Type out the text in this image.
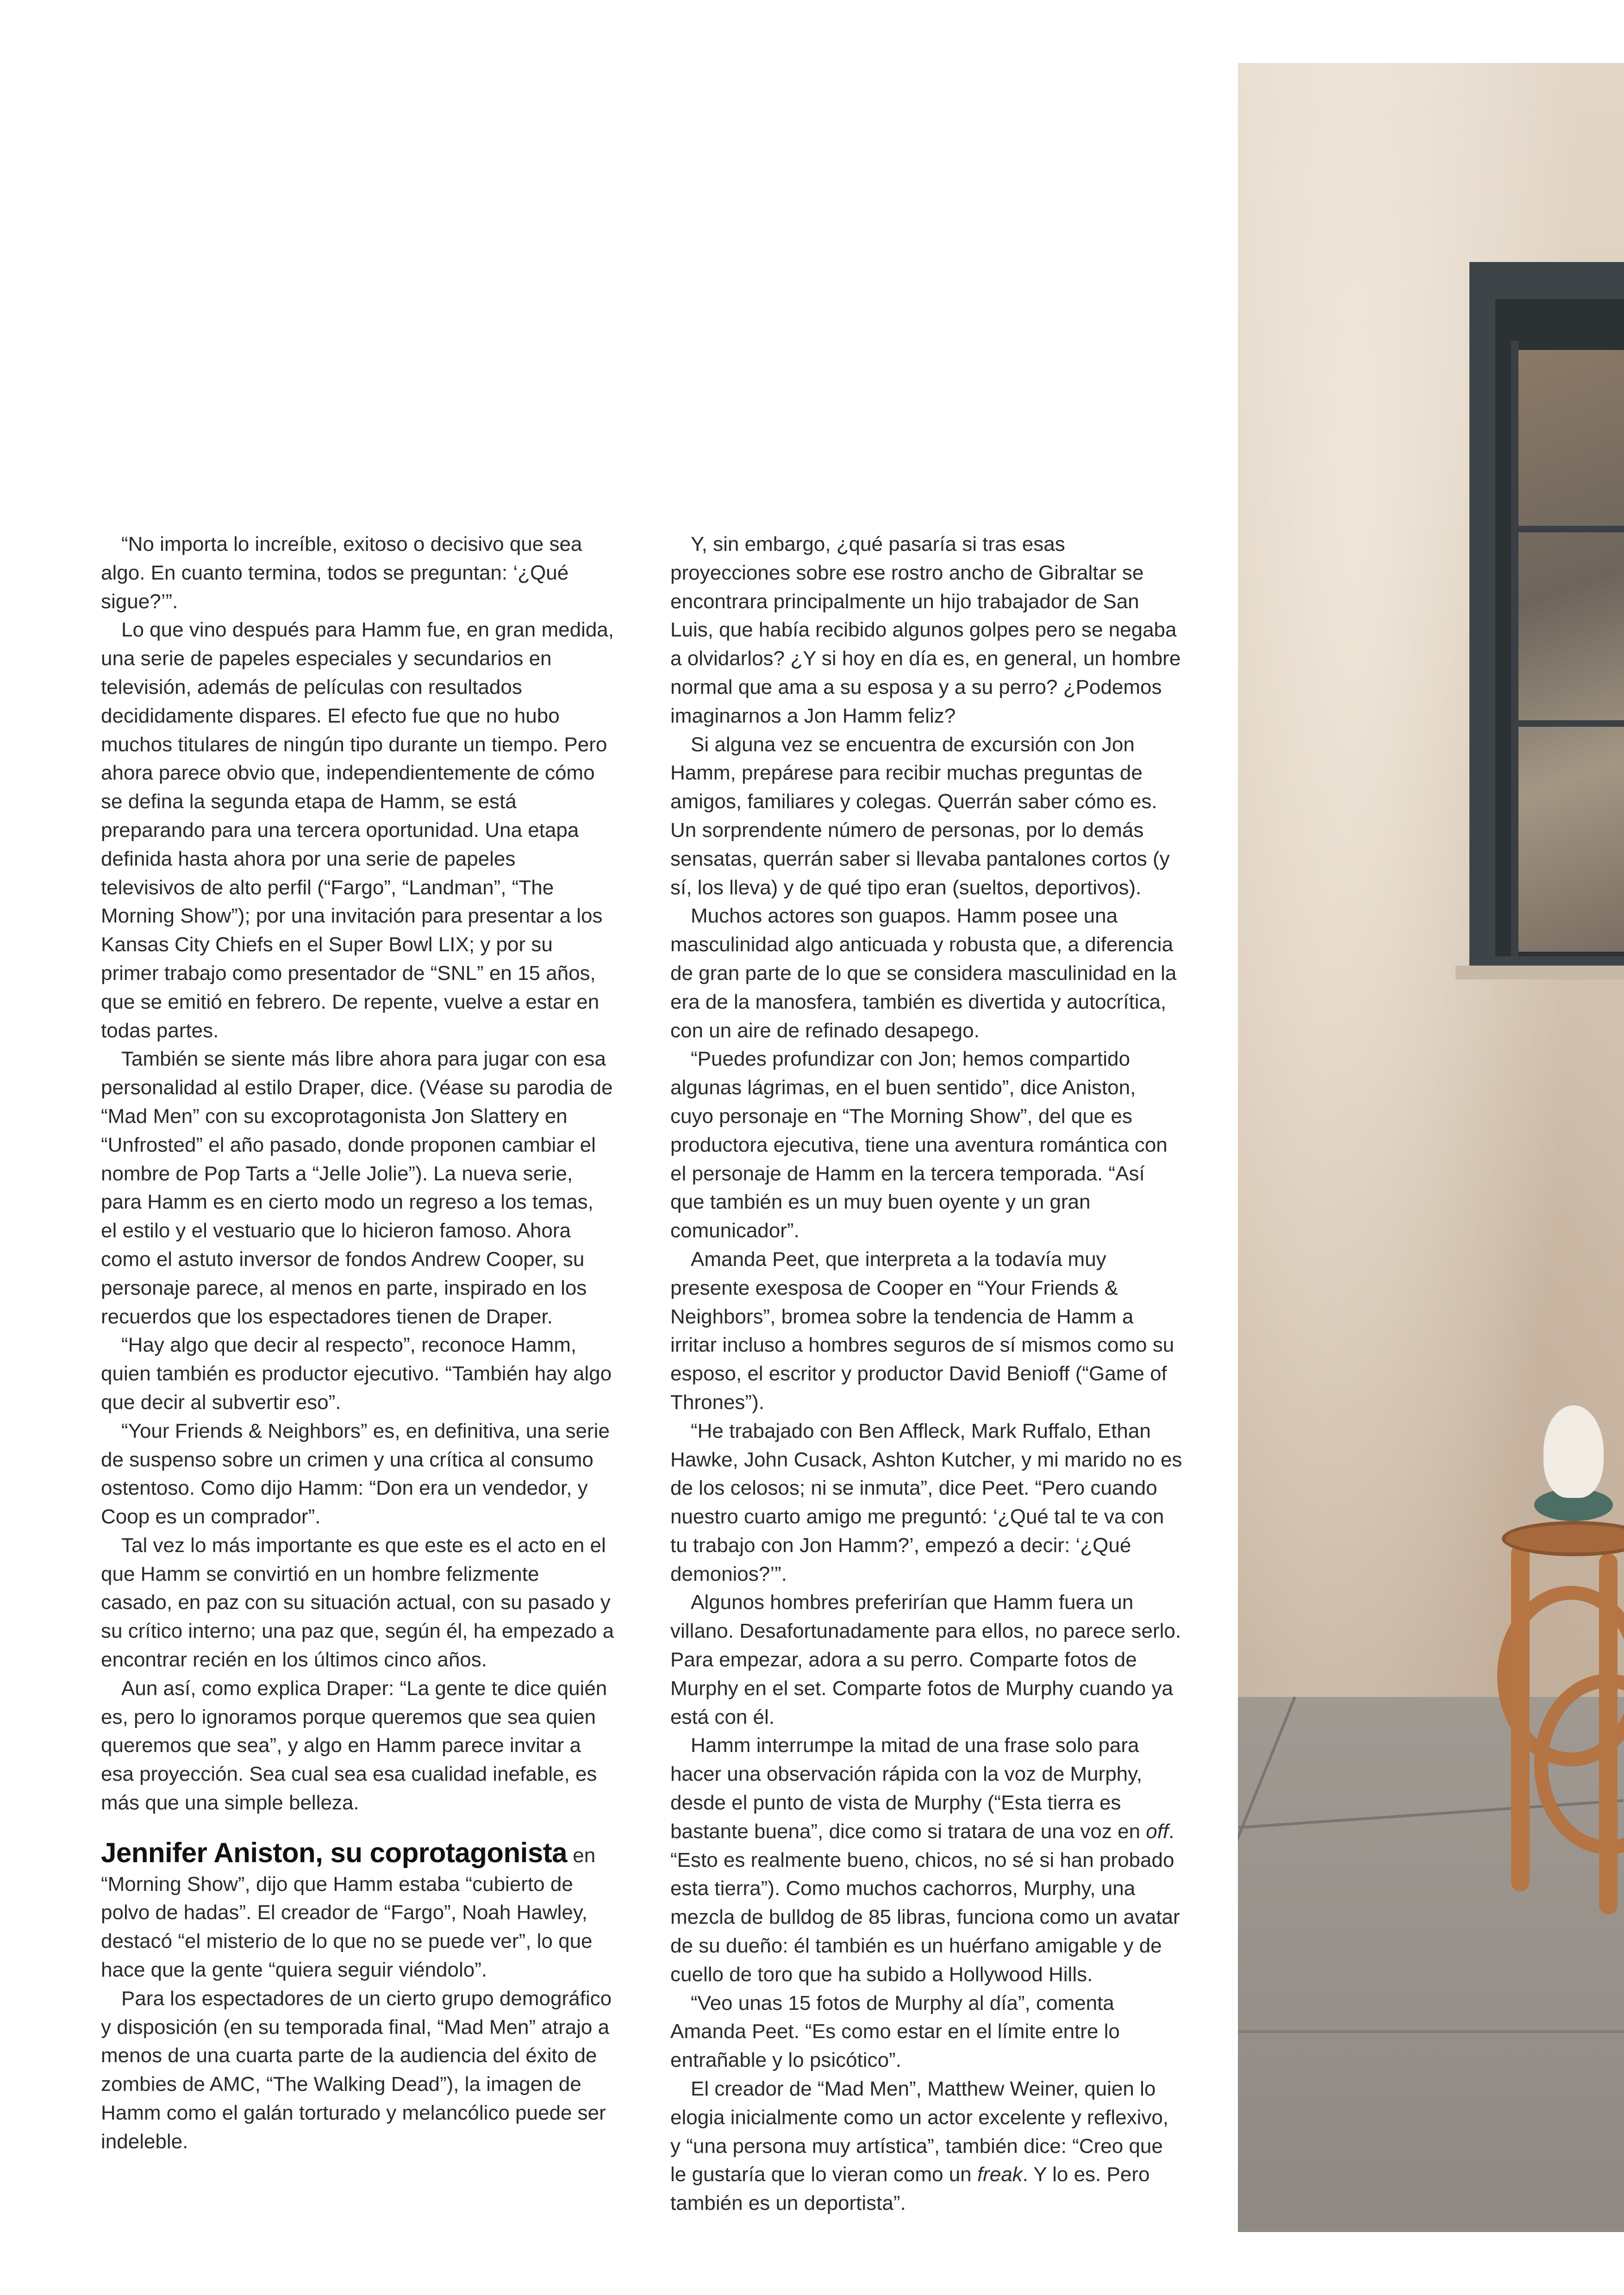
“No importa lo increíble, exitoso o decisivo que sea algo. En cuanto termina, todos se preguntan: ‘¿Qué sigue?’”.

Lo que vino después para Hamm fue, en gran medida, una serie de papeles especiales y secundarios en televisión, además de películas con resultados decididamente dispares. El efecto fue que no hubo muchos titulares de ningún tipo durante un tiempo. Pero ahora parece obvio que, independientemente de cómo se defina la segunda etapa de Hamm, se está preparando para una tercera oportunidad. Una etapa definida hasta ahora por una serie de papeles televisivos de alto perfil (“Fargo”, “Landman”, “The Morning Show”); por una invitación para presentar a los Kansas City Chiefs en el Super Bowl LIX; y por su primer trabajo como presentador de “SNL” en 15 años, que se emitió en febrero. De repente, vuelve a estar en todas partes.

También se siente más libre ahora para jugar con esa personalidad al estilo Draper, dice. (Véase su parodia de “Mad Men” con su excoprotagonista Jon Slattery en “Unfrosted” el año pasado, donde proponen cambiar el nombre de Pop Tarts a “Jelle Jolie”). La nueva serie, para Hamm es en cierto modo un regreso a los temas, el estilo y el vestuario que lo hicieron famoso. Ahora como el astuto inversor de fondos Andrew Cooper, su personaje parece, al menos en parte, inspirado en los recuerdos que los espectadores tienen de Draper.

“Hay algo que decir al respecto”, reconoce Hamm, quien también es productor ejecutivo. “También hay algo que decir al subvertir eso”.

“Your Friends & Neighbors” es, en definitiva, una serie de suspenso sobre un crimen y una crítica al consumo ostentoso. Como dijo Hamm: “Don era un vendedor, y Coop es un comprador”.

Tal vez lo más importante es que este es el acto en el que Hamm se convirtió en un hombre felizmente casado, en paz con su situación actual, con su pasado y su crítico interno; una paz que, según él, ha empezado a encontrar recién en los últimos cinco años.

Aun así, como explica Draper: “La gente te dice quién es, pero lo ignoramos porque queremos que sea quien queremos que sea”, y algo en Hamm parece invitar a esa proyección. Sea cual sea esa cualidad inefable, es más que una simple belleza.

Jennifer Aniston, su coprotagonista en “Morning Show”, dijo que Hamm estaba “cubierto de polvo de hadas”. El creador de “Fargo”, Noah Hawley, destacó “el misterio de lo que no se puede ver”, lo que hace que la gente “quiera seguir viéndolo”.

Para los espectadores de un cierto grupo demográfico y disposición (en su temporada final, “Mad Men” atrajo a menos de una cuarta parte de la audiencia del éxito de zombies de AMC, “The Walking Dead”), la imagen de Hamm como el galán torturado y melancólico puede ser indeleble.

Y, sin embargo, ¿qué pasaría si tras esas proyecciones sobre ese rostro ancho de Gibraltar se encontrara principalmente un hijo trabajador de San Luis, que había recibido algunos golpes pero se negaba a olvidarlos? ¿Y si hoy en día es, en general, un hombre normal que ama a su esposa y a su perro? ¿Podemos imaginarnos a Jon Hamm feliz?

Si alguna vez se encuentra de excursión con Jon Hamm, prepárese para recibir muchas preguntas de amigos, familiares y colegas. Querrán saber cómo es. Un sorprendente número de personas, por lo demás sensatas, querrán saber si llevaba pantalones cortos (y sí, los lleva) y de qué tipo eran (sueltos, deportivos).

Muchos actores son guapos. Hamm posee una masculinidad algo anticuada y robusta que, a diferencia de gran parte de lo que se considera masculinidad en la era de la manosfera, también es divertida y autocrítica, con un aire de refinado desapego.

“Puedes profundizar con Jon; hemos compartido algunas lágrimas, en el buen sentido”, dice Aniston, cuyo personaje en “The Morning Show”, del que es productora ejecutiva, tiene una aventura romántica con el personaje de Hamm en la tercera temporada. “Así que también es un muy buen oyente y un gran comunicador”.

Amanda Peet, que interpreta a la todavía muy presente exesposa de Cooper en “Your Friends & Neighbors”, bromea sobre la tendencia de Hamm a irritar incluso a hombres seguros de sí mismos como su esposo, el escritor y productor David Benioff (“Game of Thrones”).

“He trabajado con Ben Affleck, Mark Ruffalo, Ethan Hawke, John Cusack, Ashton Kutcher, y mi marido no es de los celosos; ni se inmuta”, dice Peet. “Pero cuando nuestro cuarto amigo me preguntó: ‘¿Qué tal te va con tu trabajo con Jon Hamm?’, empezó a decir: ‘¿Qué demonios?’”.

Algunos hombres preferirían que Hamm fuera un villano. Desafortunadamente para ellos, no parece serlo. Para empezar, adora a su perro. Comparte fotos de Murphy en el set. Comparte fotos de Murphy cuando ya está con él.

Hamm interrumpe la mitad de una frase solo para hacer una observación rápida con la voz de Murphy, desde el punto de vista de Murphy (“Esta tierra es bastante buena”, dice como si tratara de una voz en off. “Esto es realmente bueno, chicos, no sé si han probado esta tierra”). Como muchos cachorros, Murphy, una mezcla de bulldog de 85 libras, funciona como un avatar de su dueño: él también es un huérfano amigable y de cuello de toro que ha subido a Hollywood Hills.

“Veo unas 15 fotos de Murphy al día”, comenta Amanda Peet. “Es como estar en el límite entre lo entrañable y lo psicótico”.

El creador de “Mad Men”, Matthew Weiner, quien lo elogia inicialmente como un actor excelente y reflexivo, y “una persona muy artística”, también dice: “Creo que le gustaría que lo vieran como un freak. Y lo es. Pero también es un deportista”.
